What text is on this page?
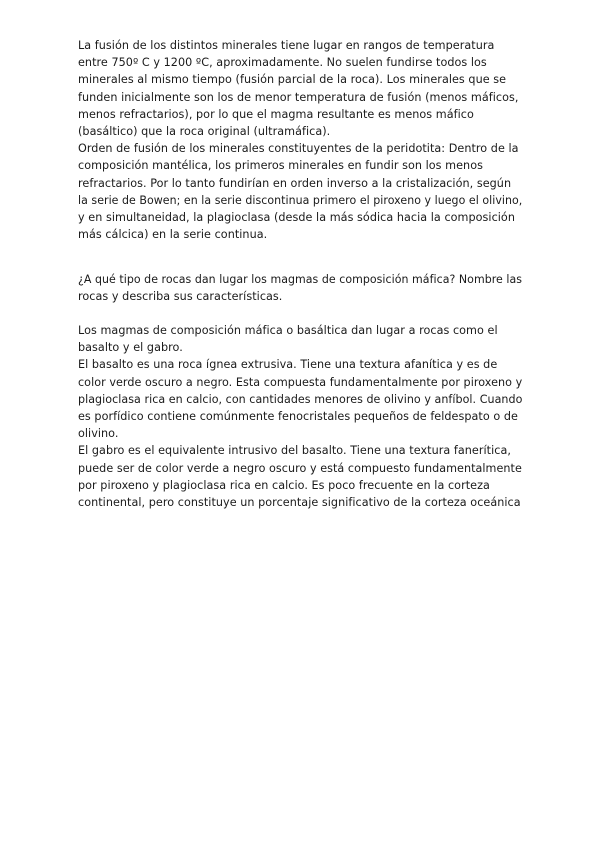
La fusión de los distintos minerales tiene lugar en rangos de temperatura
entre 750º C y 1200 ºC, aproximadamente. No suelen fundirse todos los
minerales al mismo tiempo (fusión parcial de la roca). Los minerales que se
funden inicialmente son los de menor temperatura de fusión (menos máficos,
menos refractarios), por lo que el magma resultante es menos máfico
(basáltico) que la roca original (ultramáfica).
Orden de fusión de los minerales constituyentes de la peridotita: Dentro de la
composición mantélica, los primeros minerales en fundir son los menos
refractarios. Por lo tanto fundirían en orden inverso a la cristalización, según
la serie de Bowen; en la serie discontinua primero el piroxeno y luego el olivino,
y en simultaneidad, la plagioclasa (desde la más sódica hacia la composición
más cálcica) en la serie continua.
¿A qué tipo de rocas dan lugar los magmas de composición máfica? Nombre las
rocas y describa sus características.
Los magmas de composición máfica o basáltica dan lugar a rocas como el
basalto y el gabro.
El basalto es una roca ígnea extrusiva. Tiene una textura afanítica y es de
color verde oscuro a negro. Esta compuesta fundamentalmente por piroxeno y
plagioclasa rica en calcio, con cantidades menores de olivino y anfíbol. Cuando
es porfídico contiene comúnmente fenocristales pequeños de feldespato o de
olivino.
El gabro es el equivalente intrusivo del basalto. Tiene una textura fanerítica,
puede ser de color verde a negro oscuro y está compuesto fundamentalmente
por piroxeno y plagioclasa rica en calcio. Es poco frecuente en la corteza
continental, pero constituye un porcentaje significativo de la corteza oceánica
